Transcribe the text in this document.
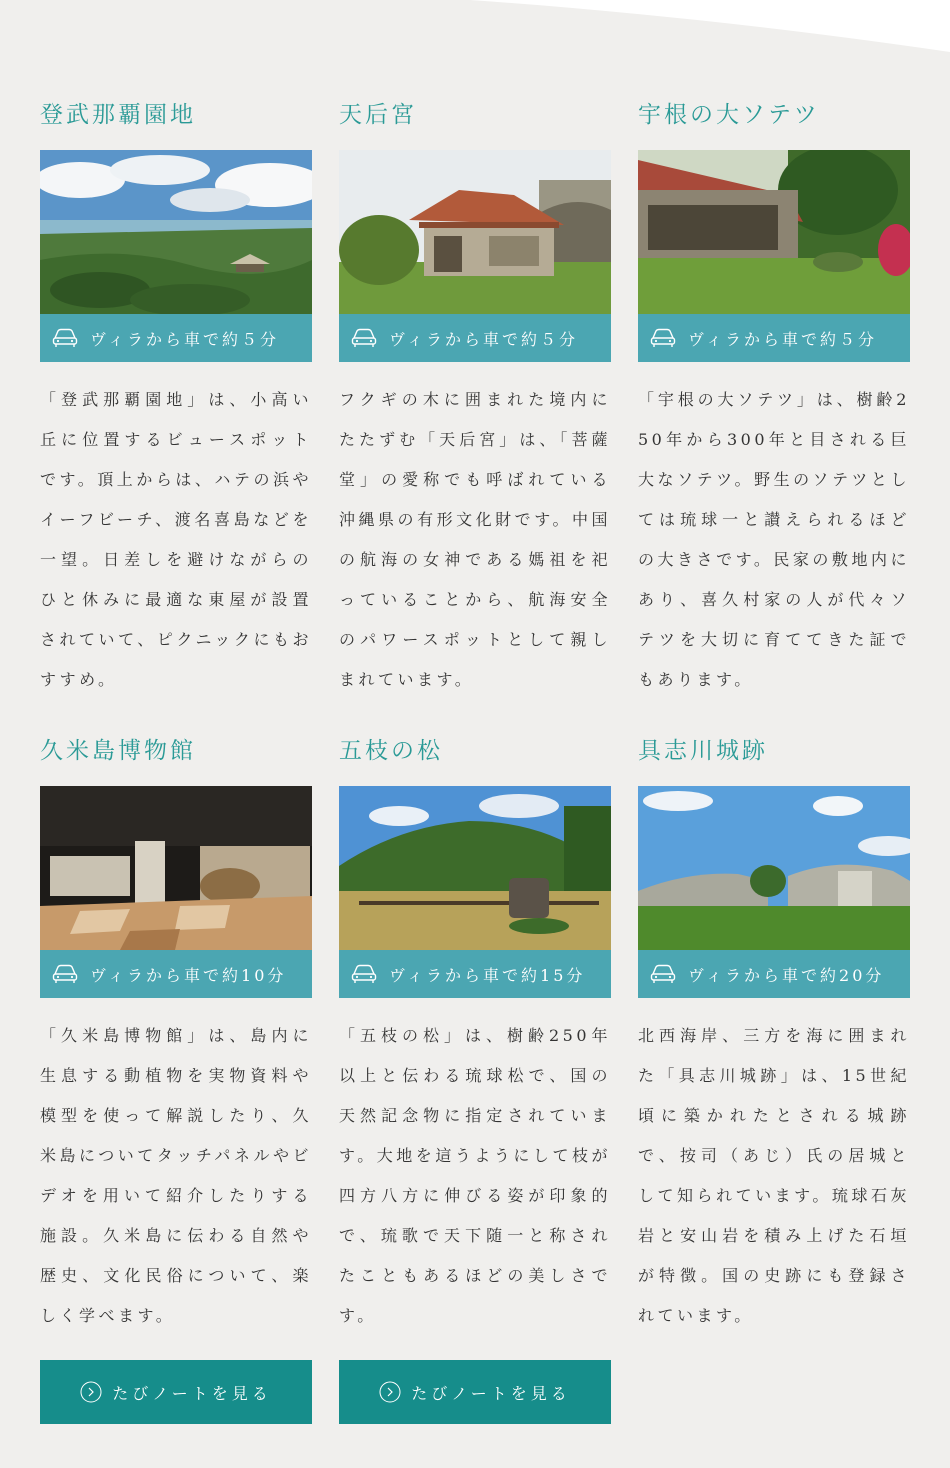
登武那覇園地
ヴィラから車で約５分

「登武那覇園地」は、小高い丘に位置するビュースポットです。頂上からは、ハテの浜やイーフビーチ、渡名喜島などを一望。日差しを避けながらのひと休みに最適な東屋が設置されていて、ピクニックにもおすすめ。

天后宮
ヴィラから車で約５分

フクギの木に囲まれた境内にたたずむ「天后宮」は、「菩薩堂」の愛称でも呼ばれている沖縄県の有形文化財です。中国の航海の女神である媽祖を祀っていることから、航海安全のパワースポットとして親しまれています。

宇根の大ソテツ
ヴィラから車で約５分

「宇根の大ソテツ」は、樹齢250年から300年と目される巨大なソテツ。野生のソテツとしては琉球一と讃えられるほどの大きさです。民家の敷地内にあり、喜久村家の人が代々ソテツを大切に育ててきた証でもあります。

久米島博物館
ヴィラから車で約10分

「久米島博物館」は、島内に生息する動植物を実物資料や模型を使って解説したり、久米島についてタッチパネルやビデオを用いて紹介したりする施設。久米島に伝わる自然や歴史、文化民俗について、楽しく学べます。

五枝の松
ヴィラから車で約15分

「五枝の松」は、樹齢250年以上と伝わる琉球松で、国の天然記念物に指定されています。大地を這うようにして枝が四方八方に伸びる姿が印象的で、琉歌で天下随一と称されたこともあるほどの美しさです。

具志川城跡
ヴィラから車で約20分

北西海岸、三方を海に囲まれた「具志川城跡」は、15世紀頃に築かれたとされる城跡で、按司（あじ）氏の居城として知られています。琉球石灰岩と安山岩を積み上げた石垣が特徴。国の史跡にも登録されています。

たびノートを見る	たびノートを見る
